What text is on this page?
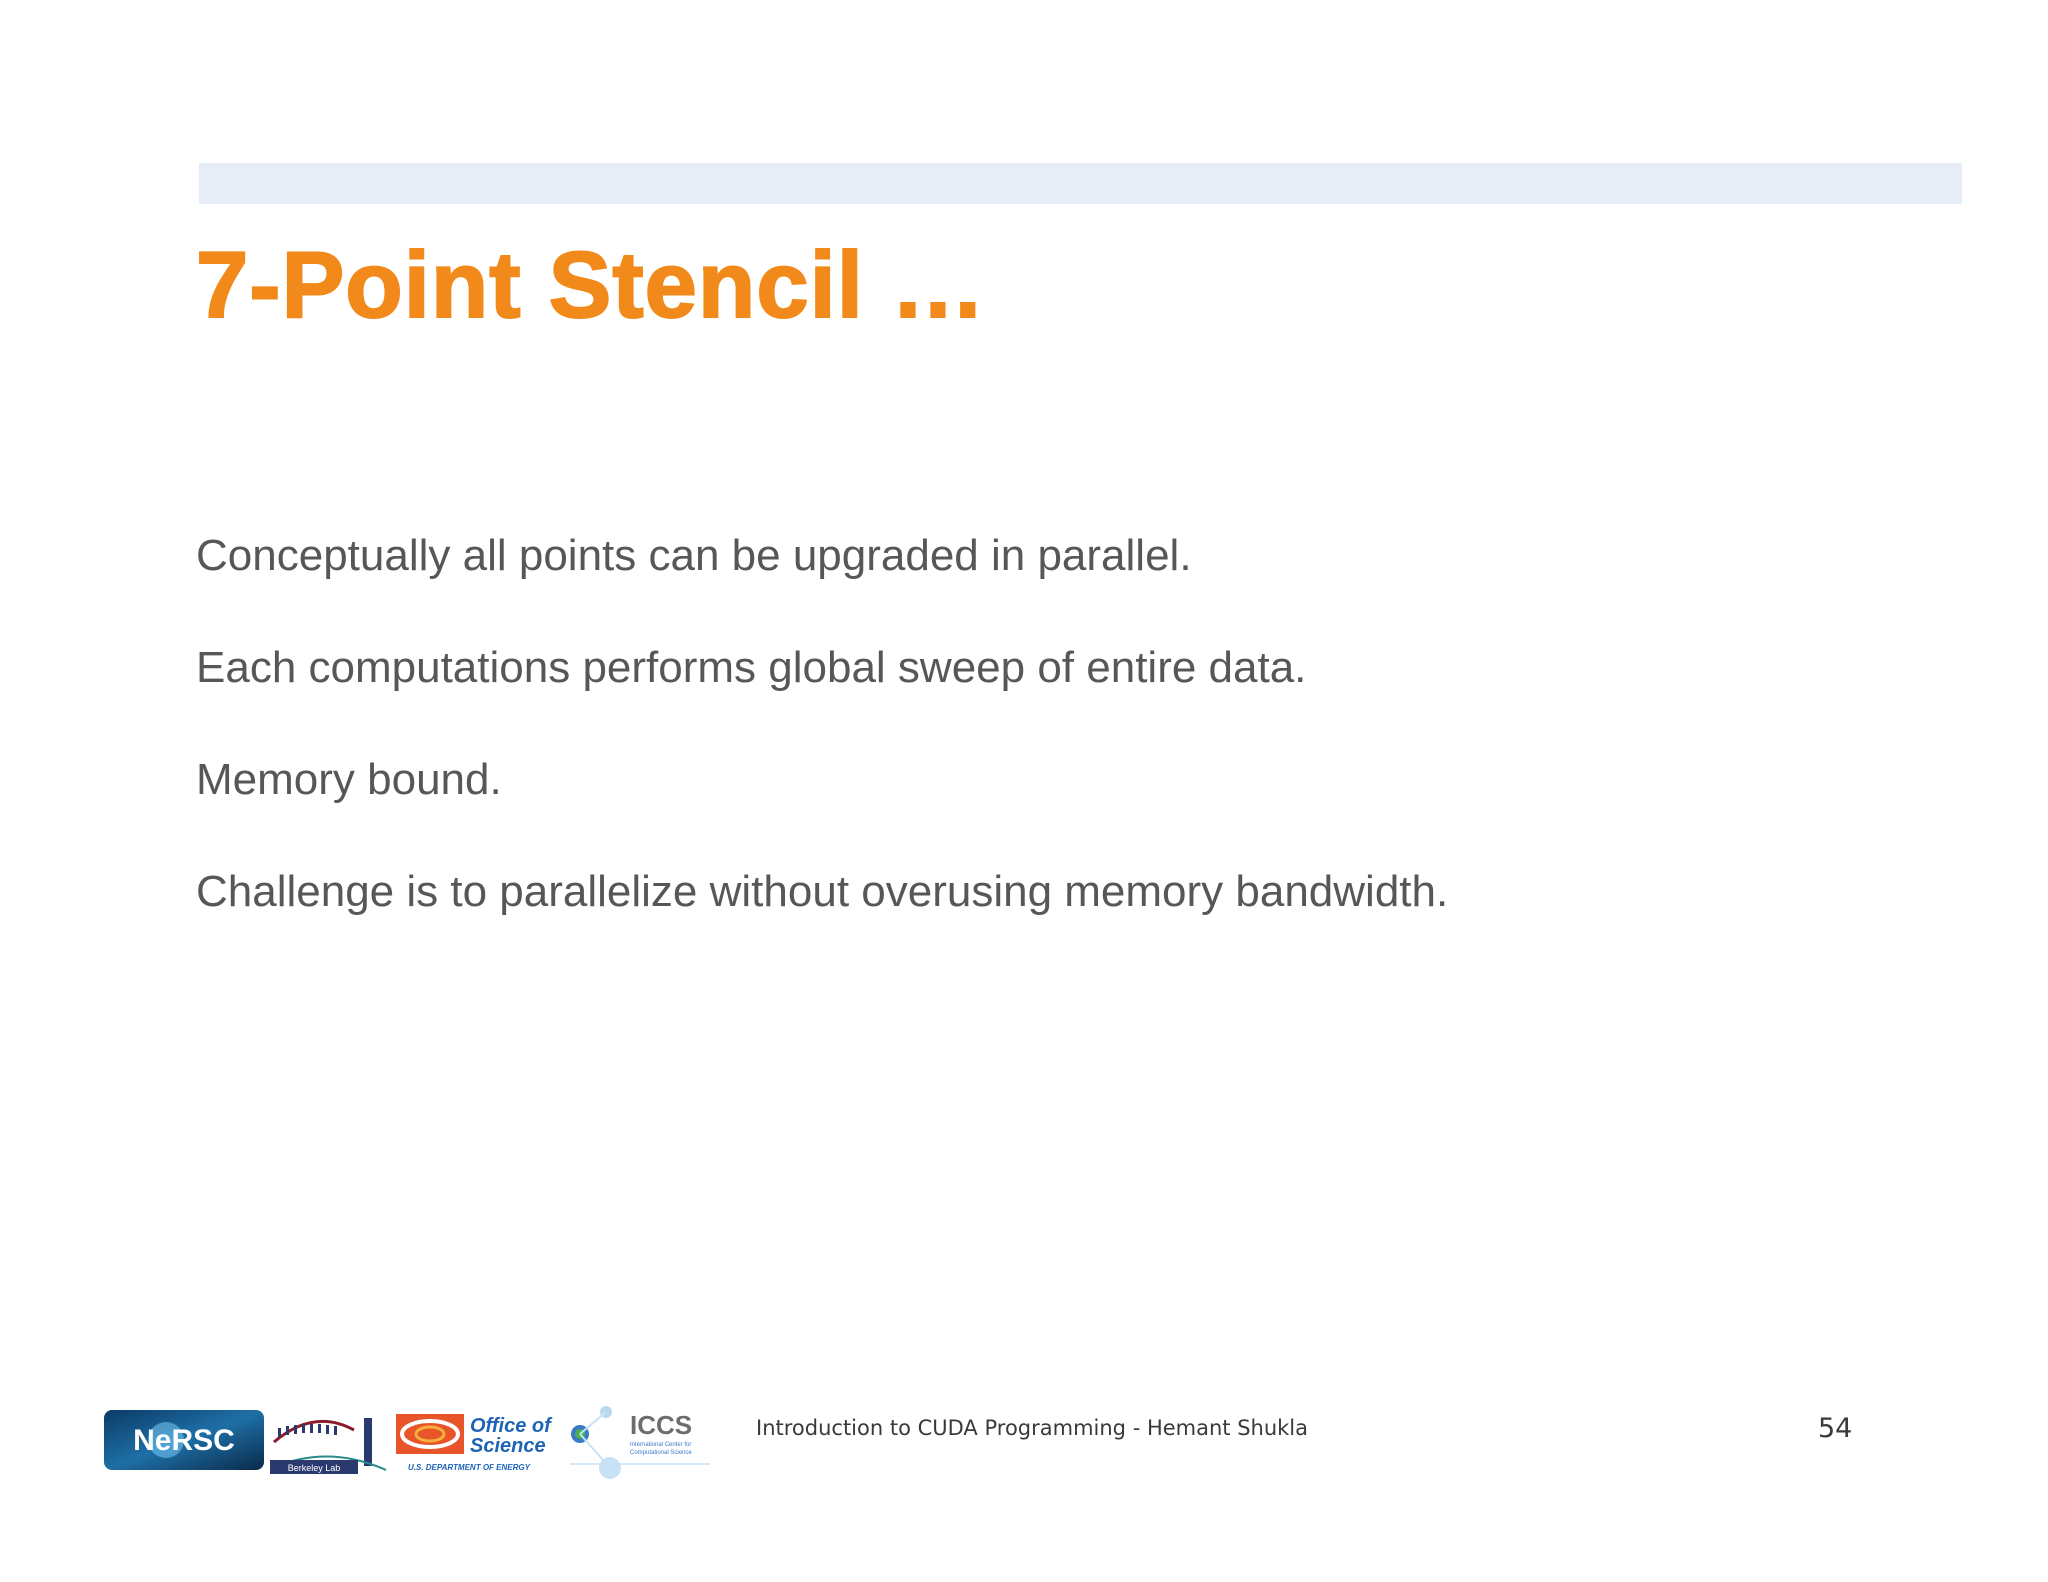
7-Point Stencil …
Conceptually all points can be upgraded in parallel.
Each computations performs global sweep of entire data.
Memory bound.
Challenge is to parallelize without overusing memory bandwidth.
NeRSC
Berkeley Lab
Office of
Science
U.S. DEPARTMENT OF ENERGY
ICCS
International Center for
Computational Science
Introduction to CUDA Programming - Hemant Shukla	54
